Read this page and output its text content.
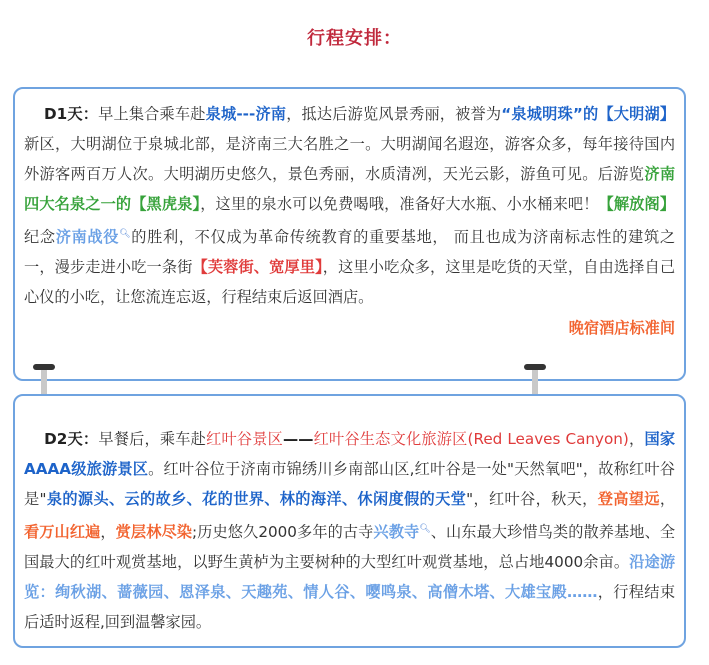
行程安排：

D1天：早上集合乘车赴泉城---济南，抵达后游览风景秀丽，被誉为“泉城明珠”的【大明湖】新区，大明湖位于泉城北部，是济南三大名胜之一。大明湖闻名遐迩，游客众多，每年接待国内外游客两百万人次。大明湖历史悠久，景色秀丽，水质清冽，天光云影，游鱼可见。后游览济南四大名泉之一的【黑虎泉】，这里的泉水可以免费喝哦，准备好大水瓶、小水桶来吧！【解放阁】纪念济南战役🔍︎的胜利，不仅成为革命传统教育的重要基地， 而且也成为济南标志性的建筑之一，漫步走进小吃一条街【芙蓉街、宽厚里】，这里小吃众多，这里是吃货的天堂，自由选择自己心仪的小吃，让您流连忘返，行程结束后返回酒店。

晚宿酒店标准间

D2天：早餐后，乘车赴红叶谷景区——红叶谷生态文化旅游区(Red Leaves Canyon)，国家AAAA级旅游景区。红叶谷位于济南市锦绣川乡南部山区,红叶谷是一处"天然氧吧"，故称红叶谷是"泉的源头、云的故乡、花的世界、林的海洋、休闲度假的天堂"，红叶谷，秋天，登高望远，看万山红遍，赏层林尽染;历史悠久2000多年的古寺兴教寺🔍︎、山东最大珍惜鸟类的散养基地、全国最大的红叶观赏基地，以野生黄栌为主要树种的大型红叶观赏基地，总占地4000余亩。沿途游览：绚秋湖、蔷薇园、恩泽泉、天趣苑、情人谷、嘤鸣泉、高僧木塔、大雄宝殿……，行程结束后适时返程,回到温馨家园。
